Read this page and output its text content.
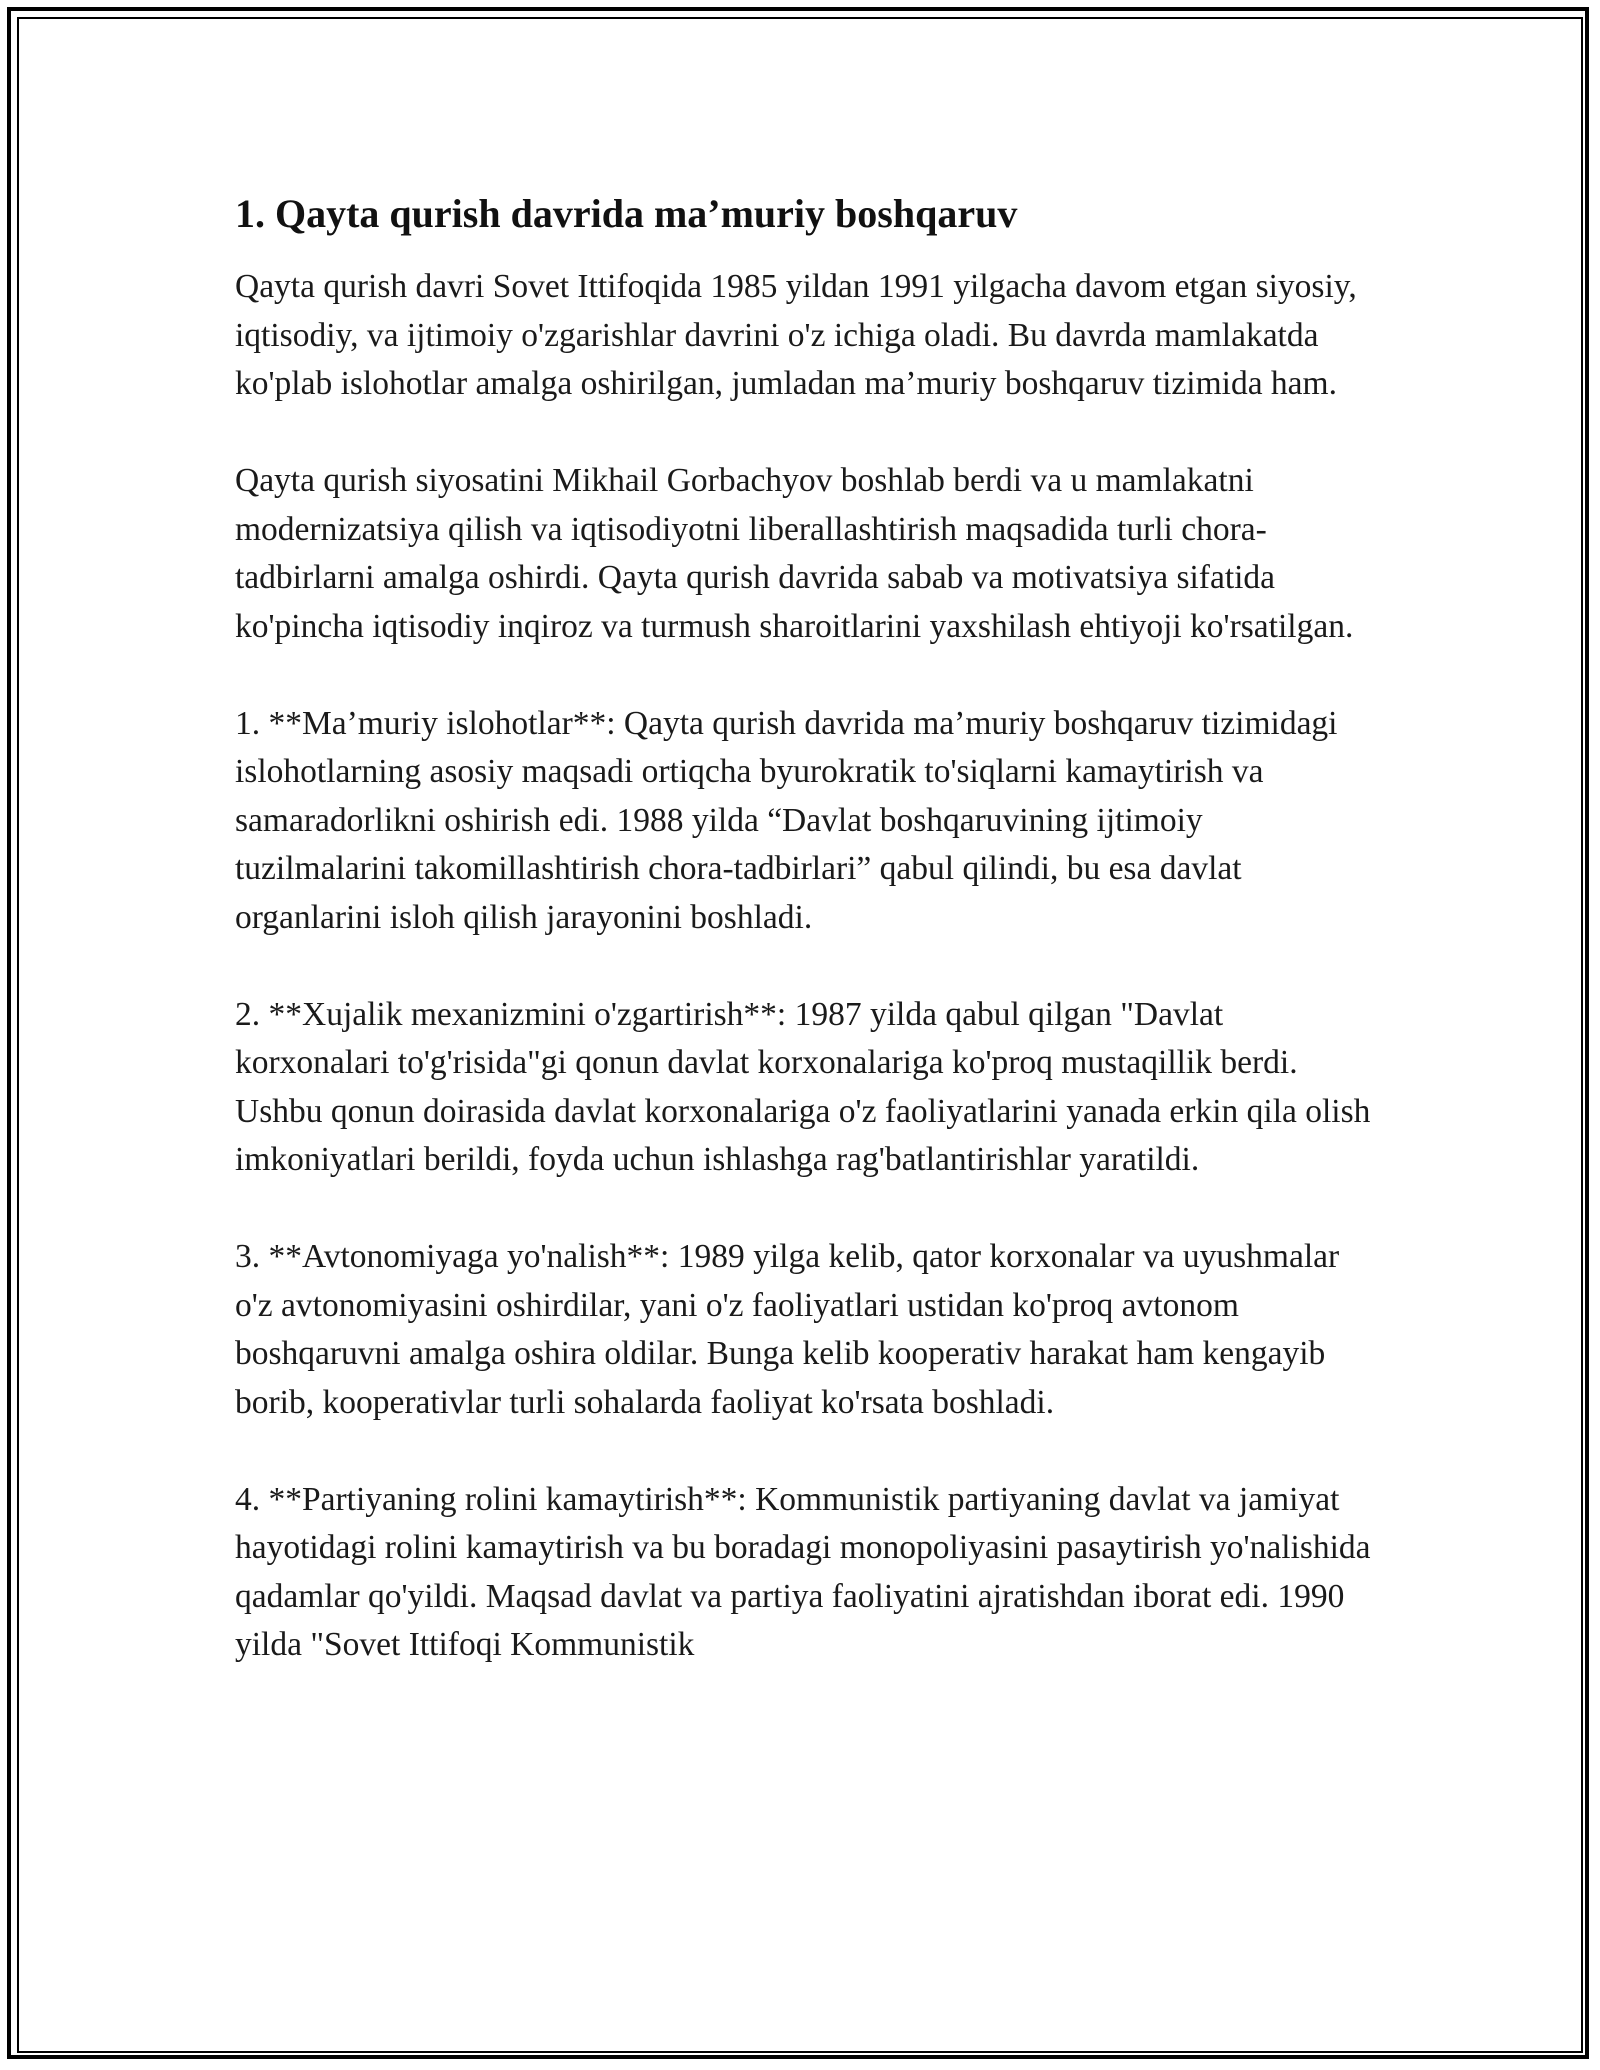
1. Qayta qurish davrida ma’muriy boshqaruv

Qayta qurish davri Sovet Ittifoqida 1985 yildan 1991 yilgacha davom etgan siyosiy, iqtisodiy, va ijtimoiy o'zgarishlar davrini o'z ichiga oladi. Bu davrda mamlakatda ko'plab islohotlar amalga oshirilgan, jumladan ma’muriy boshqaruv tizimida ham.

Qayta qurish siyosatini Mikhail Gorbachyov boshlab berdi va u mamlakatni modernizatsiya qilish va iqtisodiyotni liberallashtirish maqsadida turli chora-tadbirlarni amalga oshirdi. Qayta qurish davrida sabab va motivatsiya sifatida ko'pincha iqtisodiy inqiroz va turmush sharoitlarini yaxshilash ehtiyoji ko'rsatilgan.

1. **Ma’muriy islohotlar**: Qayta qurish davrida ma’muriy boshqaruv tizimidagi islohotlarning asosiy maqsadi ortiqcha byurokratik to'siqlarni kamaytirish va samaradorlikni oshirish edi. 1988 yilda “Davlat boshqaruvining ijtimoiy tuzilmalarini takomillashtirish chora-tadbirlari” qabul qilindi, bu esa davlat organlarini isloh qilish jarayonini boshladi.

2. **Xujalik mexanizmini o'zgartirish**: 1987 yilda qabul qilgan "Davlat korxonalari to'g'risida"gi qonun davlat korxonalariga ko'proq mustaqillik berdi. Ushbu qonun doirasida davlat korxonalariga o'z faoliyatlarini yanada erkin qila olish imkoniyatlari berildi, foyda uchun ishlashga rag'batlantirishlar yaratildi.

3. **Avtonomiyaga yo'nalish**: 1989 yilga kelib, qator korxonalar va uyushmalar o'z avtonomiyasini oshirdilar, yani o'z faoliyatlari ustidan ko'proq avtonom boshqaruvni amalga oshira oldilar. Bunga kelib kooperativ harakat ham kengayib borib, kooperativlar turli sohalarda faoliyat ko'rsata boshladi.

4. **Partiyaning rolini kamaytirish**: Kommunistik partiyaning davlat va jamiyat hayotidagi rolini kamaytirish va bu boradagi monopoliyasini pasaytirish yo'nalishida qadamlar qo'yildi. Maqsad davlat va partiya faoliyatini ajratishdan iborat edi. 1990 yilda "Sovet Ittifoqi Kommunistik
